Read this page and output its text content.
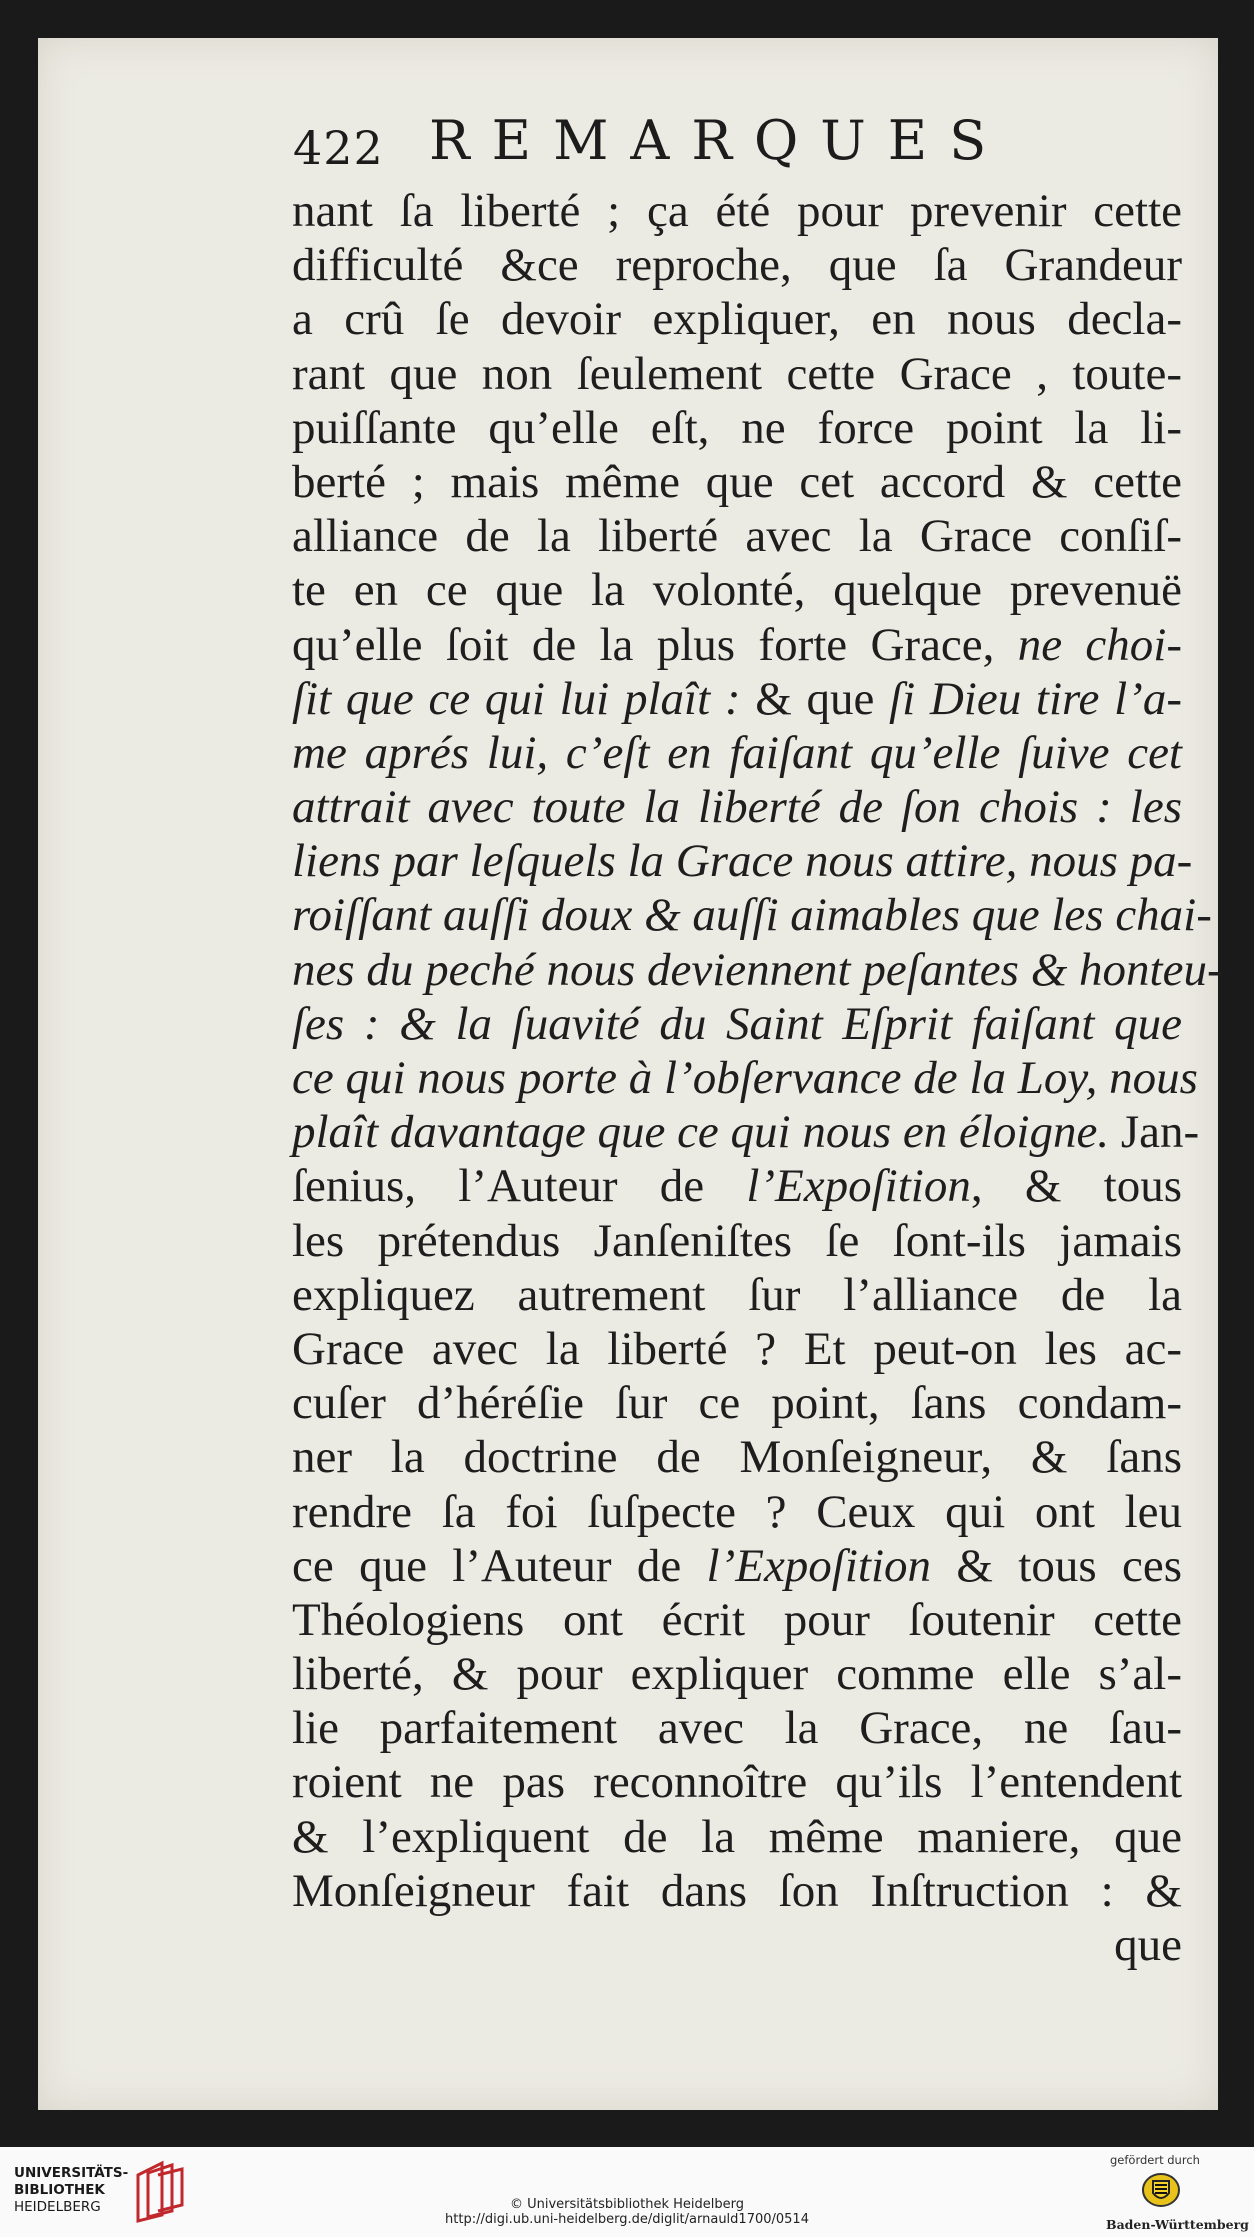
422 REMARQUES
nant ſa liberté ; ça été pour prevenir cette
difficulté &ce reproche, que ſa Grandeur
a crû ſe devoir expliquer, en nous decla-
rant que non ſeulement cette Grace , toute-
puiſſante qu’elle eſt, ne force point la li-
berté ; mais même que cet accord & cette
alliance de la liberté avec la Grace conſiſ-
te en ce que la volonté, quelque prevenuë
qu’elle ſoit de la plus forte Grace, ne choi-
ſit que ce qui lui plaît : & que ſi Dieu tire l’a-
me aprés lui, c’eſt en faiſant qu’elle ſuive cet
attrait avec toute la liberté de ſon chois : les
liens par leſquels la Grace nous attire, nous pa-
roiſſant auſſi doux & auſſi aimables que les chai-
nes du peché nous deviennent peſantes & honteu-
ſes : & la ſuavité du Saint Eſprit faiſant que
ce qui nous porte à l’obſervance de la Loy, nous
plaît davantage que ce qui nous en éloigne. Jan-
ſenius, l’Auteur de l’Expoſition, & tous
les prétendus Janſeniſtes ſe ſont-ils jamais
expliquez autrement ſur l’alliance de la
Grace avec la liberté ? Et peut-on les ac-
cuſer d’héréſie ſur ce point, ſans condam-
ner la doctrine de Monſeigneur, & ſans
rendre ſa foi ſuſpecte ? Ceux qui ont leu
ce que l’Auteur de l’Expoſition & tous ces
Théologiens ont écrit pour ſoutenir cette
liberté, & pour expliquer comme elle s’al-
lie parfaitement avec la Grace, ne ſau-
roient ne pas reconnoître qu’ils l’entendent
& l’expliquent de la même maniere, que
Monſeigneur fait dans ſon Inſtruction : &
que
UNIVERSITÄTS-
BIBLIOTHEK
HEIDELBERG	© Universitätsbibliothek Heidelberg
http://digi.ub.uni-heidelberg.de/diglit/arnauld1700/0514
gefördert durch
Baden-Württemberg
